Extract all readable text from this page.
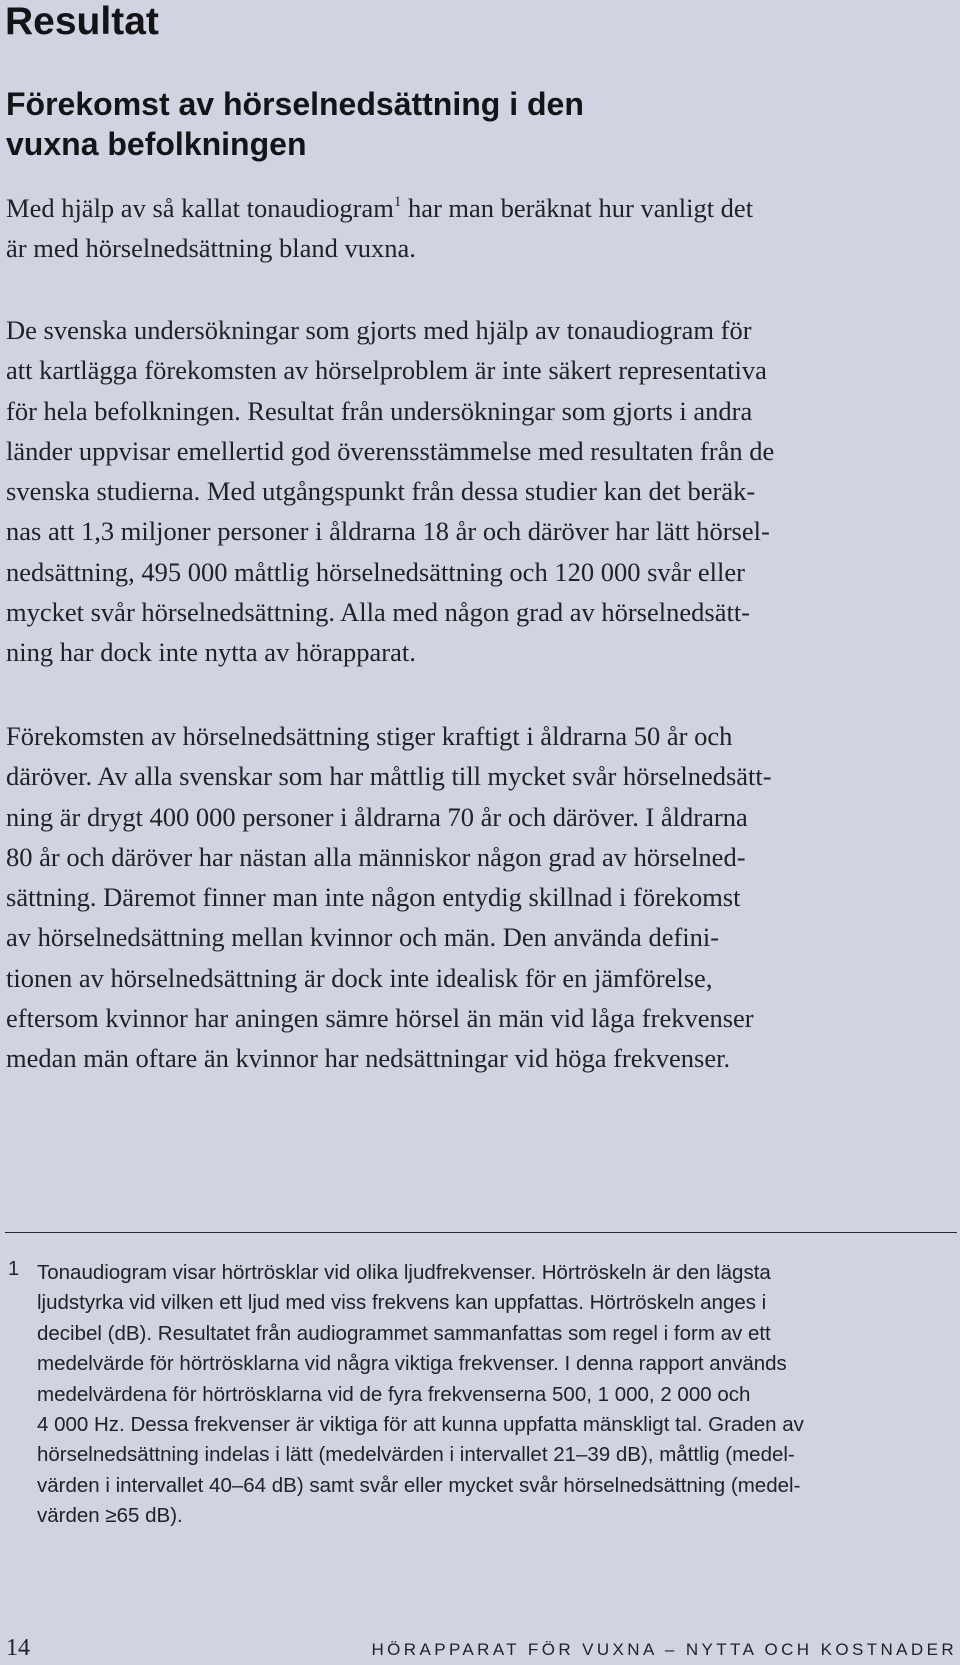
Resultat
Förekomst av hörselnedsättning i den
vuxna befolkningen

Med hjälp av så kallat tonaudiogram$^1$ har man beräknat hur vanligt det
är med hörselnedsättning bland vuxna.

De svenska undersökningar som gjorts med hjälp av tonaudiogram för
att kartlägga förekomsten av hörselproblem är inte säkert representativa
för hela befolkningen. Resultat från undersökningar som gjorts i andra
länder uppvisar emellertid god överensstämmelse med resultaten från de
svenska studierna. Med utgångspunkt från dessa studier kan det beräk-
nas att 1,3 miljoner personer i åldrarna 18 år och däröver har lätt hörsel-
nedsättning, 495 000 måttlig hörselnedsättning och 120 000 svår eller
mycket svår hörselnedsättning. Alla med någon grad av hörselnedsätt-
ning har dock inte nytta av hörapparat.

Förekomsten av hörselnedsättning stiger kraftigt i åldrarna 50 år och
däröver. Av alla svenskar som har måttlig till mycket svår hörselnedsätt-
ning är drygt 400 000 personer i åldrarna 70 år och däröver. I åldrarna
80 år och däröver har nästan alla människor någon grad av hörselned-
sättning. Däremot finner man inte någon entydig skillnad i förekomst
av hörselnedsättning mellan kvinnor och män. Den använda defini-
tionen av hörselnedsättning är dock inte idealisk för en jämförelse,
eftersom kvinnor har aningen sämre hörsel än män vid låga frekvenser
medan män oftare än kvinnor har nedsättningar vid höga frekvenser.

1 Tonaudiogram visar hörtrösklar vid olika ljudfrekvenser. Hörtröskeln är den lägsta
ljudstyrka vid vilken ett ljud med viss frekvens kan uppfattas. Hörtröskeln anges i
decibel (dB). Resultatet från audiogrammet sammanfattas som regel i form av ett
medelvärde för hörtrösklarna vid några viktiga frekvenser. I denna rapport används
medelvärdena för hörtrösklarna vid de fyra frekvenserna 500, 1 000, 2 000 och
4 000 Hz. Dessa frekvenser är viktiga för att kunna uppfatta mänskligt tal. Graden av
hörselnedsättning indelas i lätt (medelvärden i intervallet 21–39 dB), måttlig (medel-
värden i intervallet 40–64 dB) samt svår eller mycket svår hörselnedsättning (medel-
värden ≥65 dB).

14	HÖRAPPARAT FÖR VUXNA – NYTTA OCH KOSTNADER
